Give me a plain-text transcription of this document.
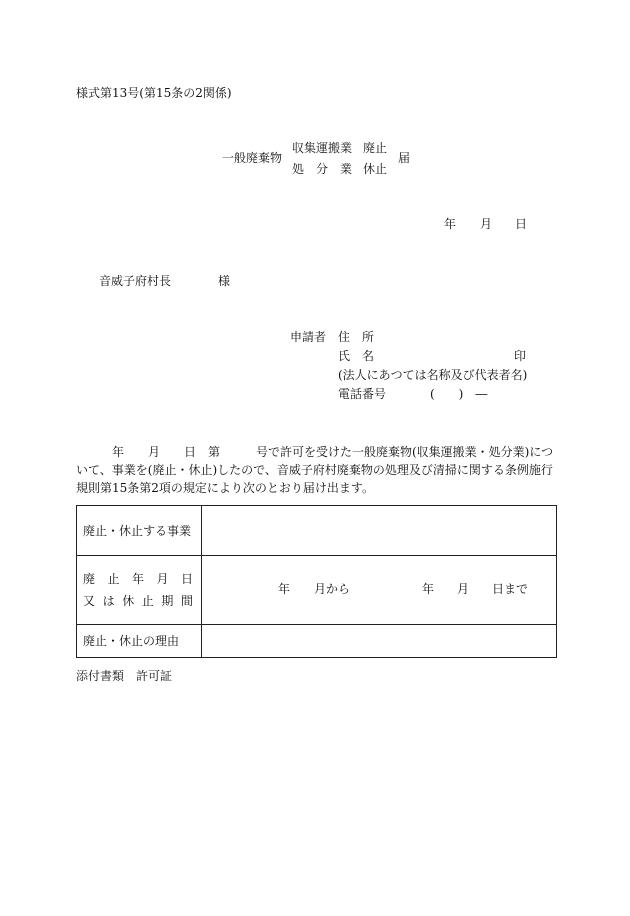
様式第13号(第15条の2関係)
一般廃棄物
収集運搬業
処　分　業
廃止
休止
届
年 月 日
音威子府村長	様
申請者 住　所
氏　名	印
(法人にあつては名称及び代表者名)
電話番号	(　　)　―
年　　月　　日　第　　　号で許可を受けた一般廃棄物(収集運搬業・処分業)につ
いて、事業を(廃止・休止)したので、音威子府村廃棄物の処理及び清掃に関する条例施行
規則第15条第2項の規定により次のとおり届け出ます。
廃止・休止する事業
廃 止 年 月 日
又 は 休 止 期 間
年 月から	年 月 日まで
廃止・休止の理由
添付書類　許可証
